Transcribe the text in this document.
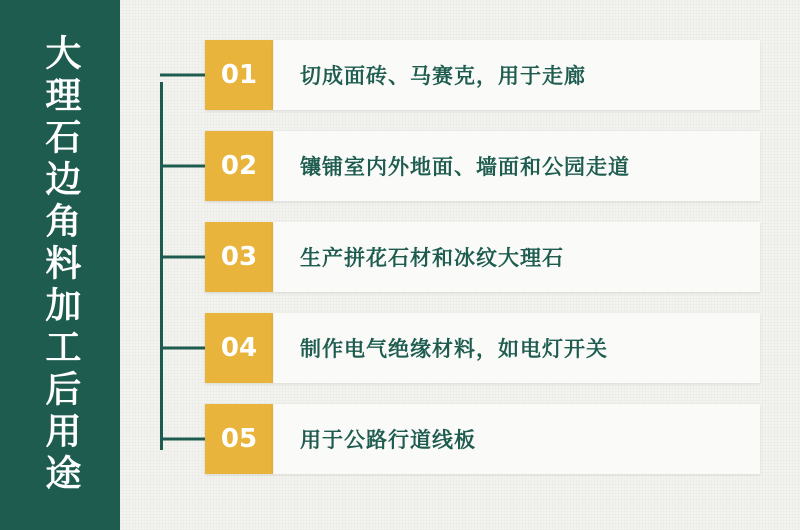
大理石边角料加工后用途	01	切成面砖、马赛克，用于走廊
02	镶铺室内外地面、墙面和公园走道
03	生产拼花石材和冰纹大理石
04	制作电气绝缘材料，如电灯开关
05	用于公路行道线板
